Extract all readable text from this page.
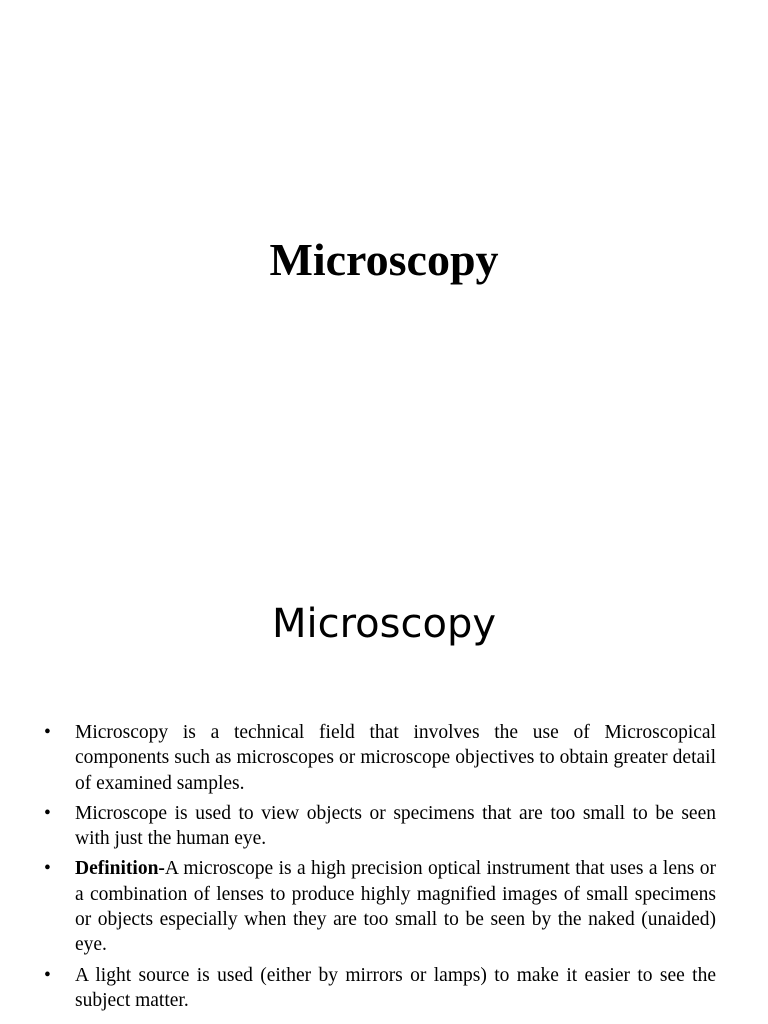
Microscopy
Microscopy
•	Microscopy is a technical field that involves the use of Microscopical components such as microscopes or microscope objectives to obtain greater detail of examined samples.
•	Microscope is used to view objects or specimens that are too small to be seen with just the human eye.
•	Definition-A microscope is a high precision optical instrument that uses a lens or a combination of lenses to produce highly magnified images of small specimens or objects especially when they are too small to be seen by the naked (unaided) eye.
•	A light source is used (either by mirrors or lamps) to make it easier to see the subject matter.
